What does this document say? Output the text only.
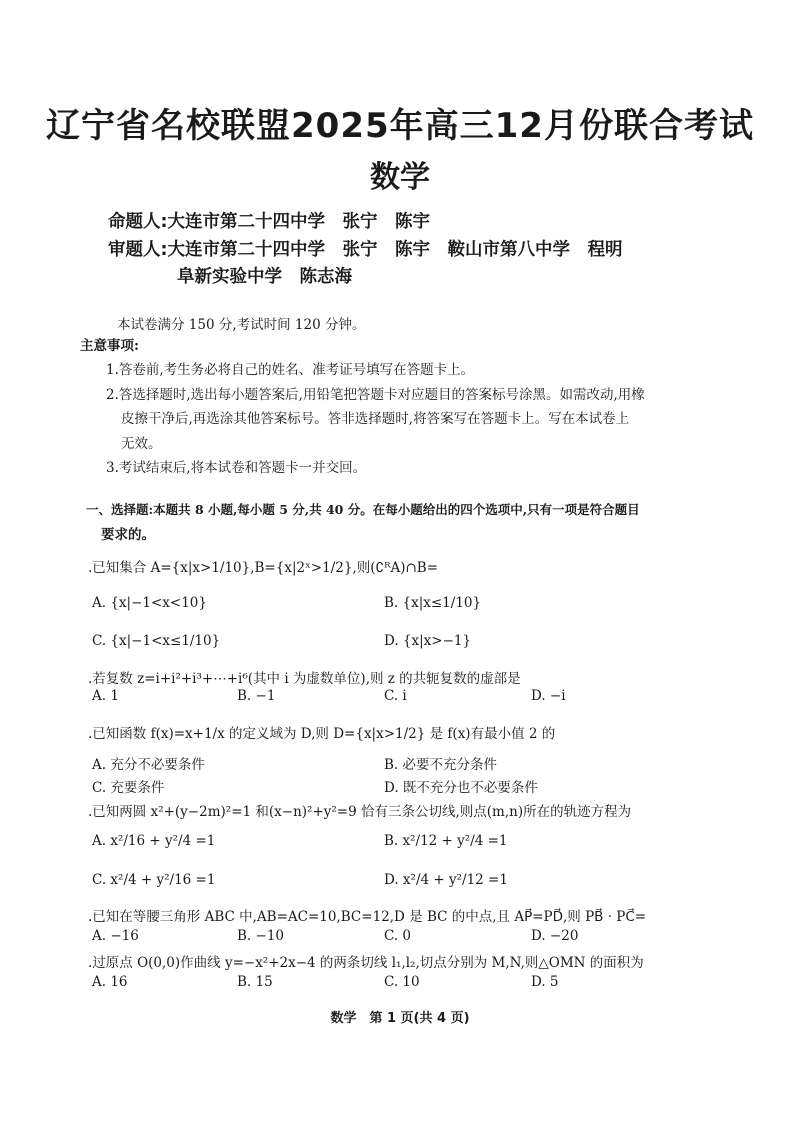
辽宁省名校联盟2025年高三12月份联合考试
数学
命题人:大连市第二十四中学　张宁　陈宇
审题人:大连市第二十四中学　张宁　陈宇　鞍山市第八中学　程明
阜新实验中学　陈志海
本试卷满分 150 分,考试时间 120 分钟。
主意事项:
1.答卷前,考生务必将自己的姓名、准考证号填写在答题卡上。
2.答选择题时,选出每小题答案后,用铅笔把答题卡对应题目的答案标号涂黑。如需改动,用橡
皮擦干净后,再选涂其他答案标号。答非选择题时,将答案写在答题卡上。写在本试卷上
无效。
3.考试结束后,将本试卷和答题卡一并交回。
一、选择题:本题共 8 小题,每小题 5 分,共 40 分。在每小题给出的四个选项中,只有一项是符合题目
要求的。
.已知集合 A={x|x>1/10},B={x|2ˣ>1/2},则(∁ᴿA)∩B=
A. {x|−1<x<10}	B. {x|x≤1/10}
C. {x|−1<x≤1/10}	D. {x|x>−1}
.若复数 z=i+i²+i³+⋯+i⁶(其中 i 为虚数单位),则 z 的共轭复数的虚部是
A. 1	B. −1	C. i	D. −i
.已知函数 f(x)=x+1/x 的定义域为 D,则 D={x|x>1/2} 是 f(x)有最小值 2 的
A. 充分不必要条件	B. 必要不充分条件
C. 充要条件	D. 既不充分也不必要条件
.已知两圆 x²+(y−2m)²=1 和(x−n)²+y²=9 恰有三条公切线,则点(m,n)所在的轨迹方程为
A. x²/16 + y²/4 =1	B. x²/12 + y²/4 =1
C. x²/4 + y²/16 =1	D. x²/4 + y²/12 =1
.已知在等腰三角形 ABC 中,AB=AC=10,BC=12,D 是 BC 的中点,且 AP⃗=PD⃗,则 PB⃗ · PC⃗=
A. −16	B. −10	C. 0	D. −20
.过原点 O(0,0)作曲线 y=−x²+2x−4 的两条切线 l₁,l₂,切点分别为 M,N,则△OMN 的面积为
A. 16	B. 15	C. 10	D. 5
数学　第 1 页(共 4 页)
